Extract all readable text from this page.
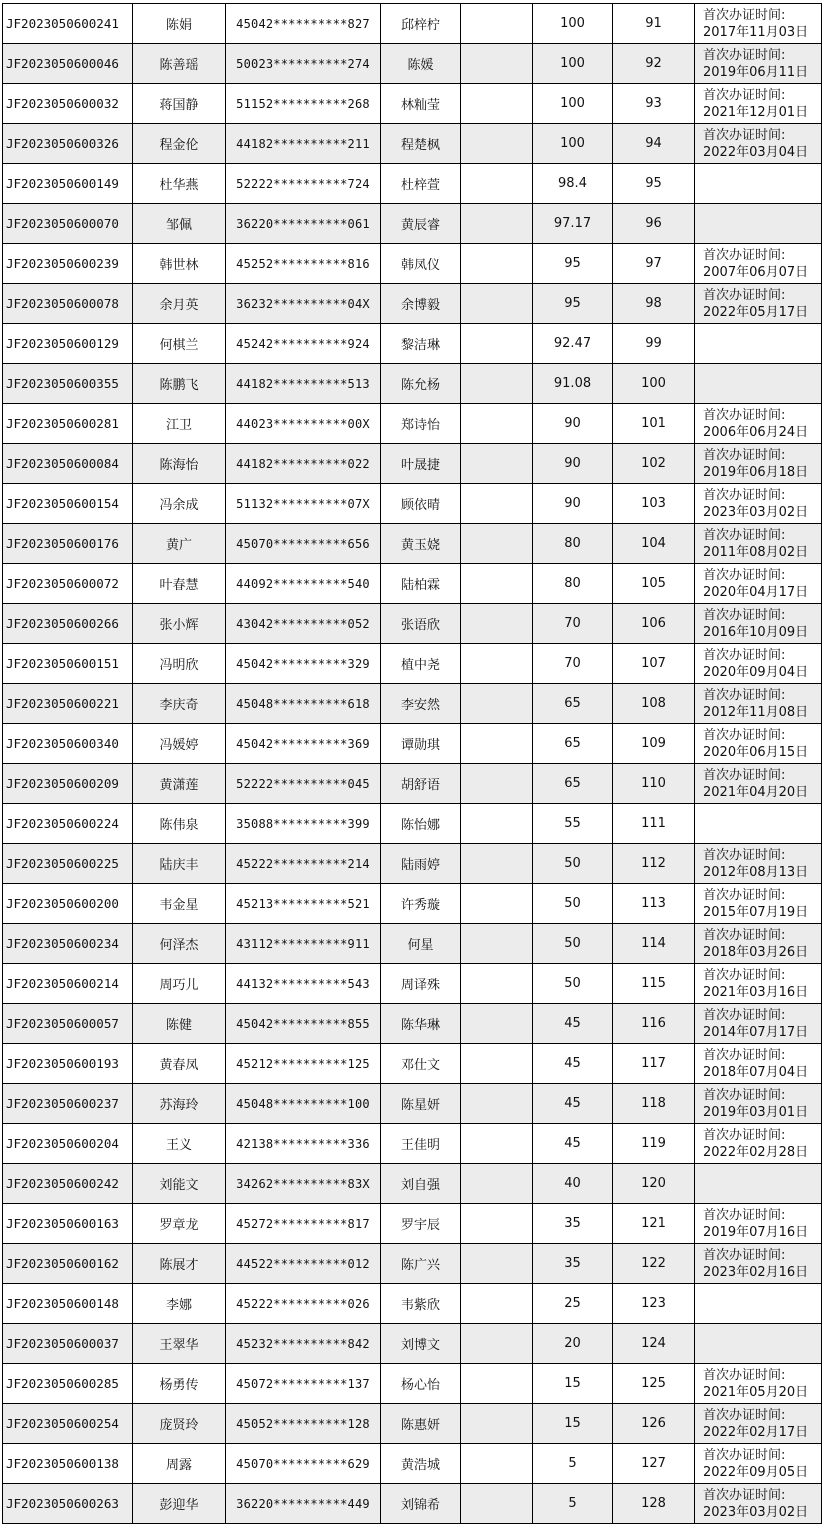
JF2023050600241	陈娟	45042**********827	邱梓柠		100	91	首次办证时间:
2017年11月03日

JF2023050600046	陈善瑶	50023**********274	陈媛		100	92	首次办证时间:
2019年06月11日

JF2023050600032	蒋国静	51152**********268	林籼莹		100	93	首次办证时间:
2021年12月01日

JF2023050600326	程金伦	44182**********211	程楚枫		100	94	首次办证时间:
2022年03月04日

JF2023050600149	杜华燕	52222**********724	杜梓萱		98.4	95	
JF2023050600070	邹佩	36220**********061	黄辰睿		97.17	96	
JF2023050600239	韩世林	45252**********816	韩凤仪		95	97	首次办证时间:
2007年06月07日

JF2023050600078	余月英	36232**********04X	余博毅		95	98	首次办证时间:
2022年05月17日

JF2023050600129	何棋兰	45242**********924	黎洁琳		92.47	99	
JF2023050600355	陈鹏飞	44182**********513	陈允杨		91.08	100	
JF2023050600281	江卫	44023**********00X	郑诗怡		90	101	首次办证时间:
2006年06月24日

JF2023050600084	陈海怡	44182**********022	叶晟捷		90	102	首次办证时间:
2019年06月18日

JF2023050600154	冯余成	51132**********07X	顾依晴		90	103	首次办证时间:
2023年03月02日

JF2023050600176	黄广	45070**********656	黄玉娆		80	104	首次办证时间:
2011年08月02日

JF2023050600072	叶春慧	44092**********540	陆柏霖		80	105	首次办证时间:
2020年04月17日

JF2023050600266	张小辉	43042**********052	张语欣		70	106	首次办证时间:
2016年10月09日

JF2023050600151	冯明欣	45042**********329	植中尧		70	107	首次办证时间:
2020年09月04日

JF2023050600221	李庆奇	45048**********618	李安然		65	108	首次办证时间:
2012年11月08日

JF2023050600340	冯媛婷	45042**********369	谭勋琪		65	109	首次办证时间:
2020年06月15日

JF2023050600209	黄潇莲	52222**********045	胡舒语		65	110	首次办证时间:
2021年04月20日

JF2023050600224	陈伟泉	35088**********399	陈怡娜		55	111	
JF2023050600225	陆庆丰	45222**********214	陆雨婷		50	112	首次办证时间:
2012年08月13日

JF2023050600200	韦金星	45213**********521	许秀璇		50	113	首次办证时间:
2015年07月19日

JF2023050600234	何泽杰	43112**********911	何星		50	114	首次办证时间:
2018年03月26日

JF2023050600214	周巧儿	44132**********543	周译殊		50	115	首次办证时间:
2021年03月16日

JF2023050600057	陈健	45042**********855	陈华琳		45	116	首次办证时间:
2014年07月17日

JF2023050600193	黄春凤	45212**********125	邓仕文		45	117	首次办证时间:
2018年07月04日

JF2023050600237	苏海玲	45048**********100	陈星妍		45	118	首次办证时间:
2019年03月01日

JF2023050600204	王义	42138**********336	王佳明		45	119	首次办证时间:
2022年02月28日

JF2023050600242	刘能文	34262**********83X	刘自强		40	120	
JF2023050600163	罗章龙	45272**********817	罗宇辰		35	121	首次办证时间:
2019年07月16日

JF2023050600162	陈展才	44522**********012	陈广兴		35	122	首次办证时间:
2023年02月16日

JF2023050600148	李娜	45222**********026	韦紫欣		25	123	
JF2023050600037	王翠华	45232**********842	刘博文		20	124	
JF2023050600285	杨勇传	45072**********137	杨心怡		15	125	首次办证时间:
2021年05月20日

JF2023050600254	庞贤玲	45052**********128	陈惠妍		15	126	首次办证时间:
2022年02月17日

JF2023050600138	周露	45070**********629	黄浩城		5	127	首次办证时间:
2022年09月05日

JF2023050600263	彭迎华	36220**********449	刘锦希		5	128	首次办证时间:
2023年03月02日
